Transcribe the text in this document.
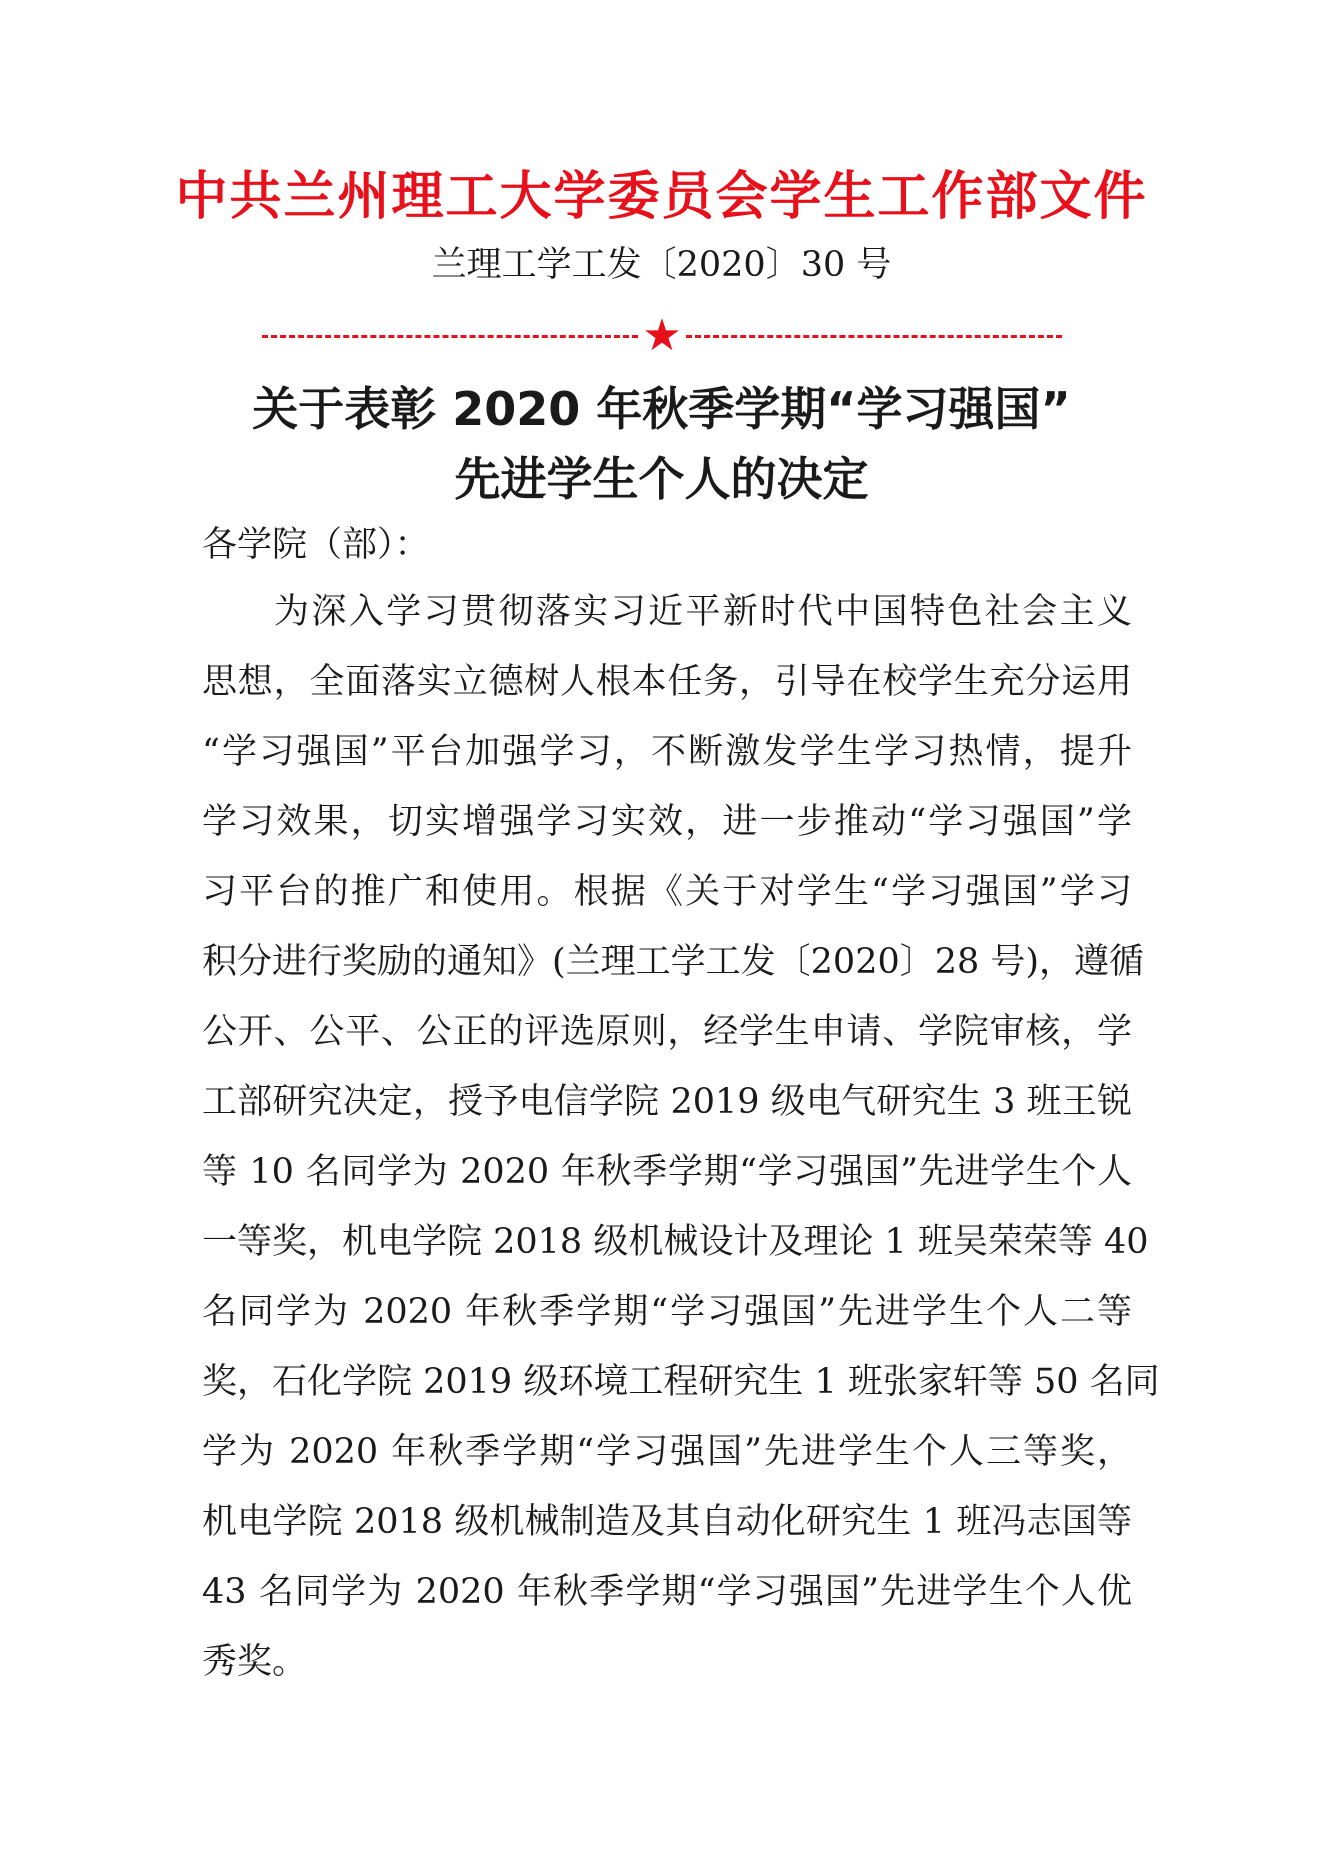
中共兰州理工大学委员会学生工作部文件
兰理工学工发〔2020〕30 号
★
关于表彰 2020 年秋季学期“学习强国”
先进学生个人的决定
各学院（部）：
为深入学习贯彻落实习近平新时代中国特色社会主义
思想，全面落实立德树人根本任务，引导在校学生充分运用
“学习强国”平台加强学习，不断激发学生学习热情，提升
学习效果，切实增强学习实效，进一步推动“学习强国”学
习平台的推广和使用。根据《关于对学生“学习强国”学习
积分进行奖励的通知》(兰理工学工发〔2020〕28 号)，遵循
公开、公平、公正的评选原则，经学生申请、学院审核，学
工部研究决定，授予电信学院 2019 级电气研究生 3 班王锐
等 10 名同学为 2020 年秋季学期“学习强国”先进学生个人
一等奖，机电学院 2018 级机械设计及理论 1 班吴荣荣等 40
名同学为 2020 年秋季学期“学习强国”先进学生个人二等
奖，石化学院 2019 级环境工程研究生 1 班张家轩等 50 名同
学为 2020 年秋季学期“学习强国”先进学生个人三等奖，
机电学院 2018 级机械制造及其自动化研究生 1 班冯志国等
43 名同学为 2020 年秋季学期“学习强国”先进学生个人优
秀奖。
